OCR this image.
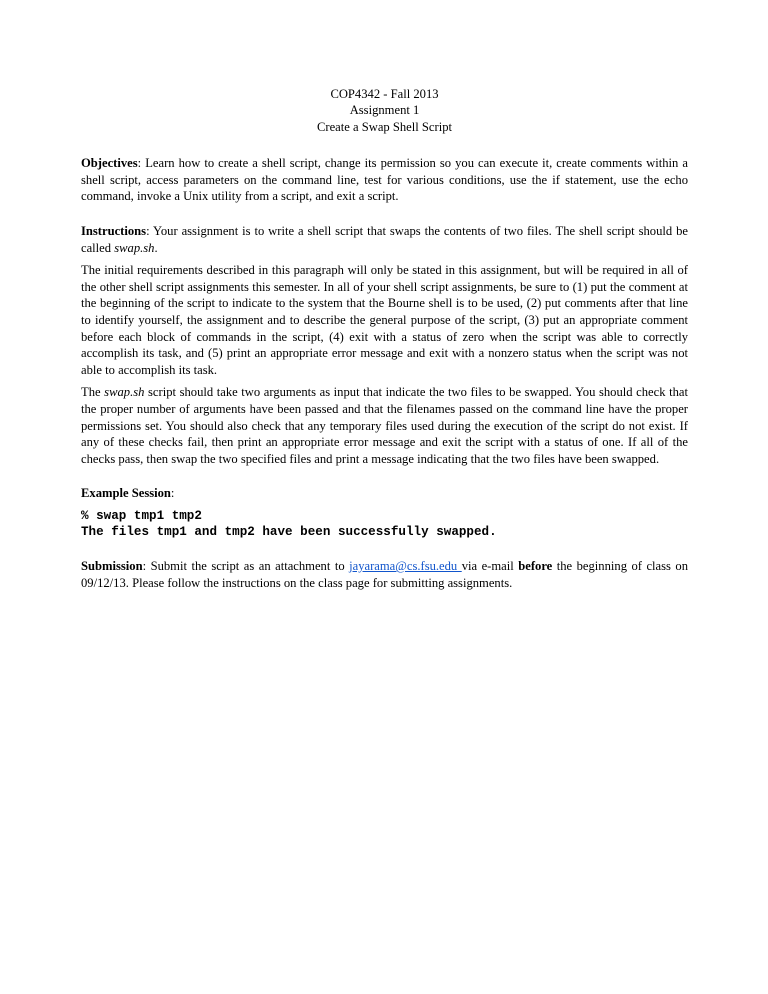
COP4342 - Fall 2013
Assignment 1
Create a Swap Shell Script

Objectives: Learn how to create a shell script, change its permission so you can execute it, create comments within a shell script, access parameters on the command line, test for various conditions, use the if statement, use the echo command, invoke a Unix utility from a script, and exit a script.

Instructions: Your assignment is to write a shell script that swaps the contents of two files. The shell script should be called swap.sh.

The initial requirements described in this paragraph will only be stated in this assignment, but will be required in all of the other shell script assignments this semester. In all of your shell script assignments, be sure to (1) put the comment at the beginning of the script to indicate to the system that the Bourne shell is to be used, (2) put comments after that line to identify yourself, the assignment and to describe the general purpose of the script, (3) put an appropriate comment before each block of commands in the script, (4) exit with a status of zero when the script was able to correctly accomplish its task, and (5) print an appropriate error message and exit with a nonzero status when the script was not able to accomplish its task.

The swap.sh script should take two arguments as input that indicate the two files to be swapped. You should check that the proper number of arguments have been passed and that the filenames passed on the command line have the proper permissions set. You should also check that any temporary files used during the execution of the script do not exist. If any of these checks fail, then print an appropriate error message and exit the script with a status of one. If all of the checks pass, then swap the two specified files and print a message indicating that the two files have been swapped.

Example Session:

% swap tmp1 tmp2
The files tmp1 and tmp2 have been successfully swapped.

Submission: Submit the script as an attachment to jayarama@cs.fsu.edu via e-mail before the beginning of class on 09/12/13. Please follow the instructions on the class page for submitting assignments.
